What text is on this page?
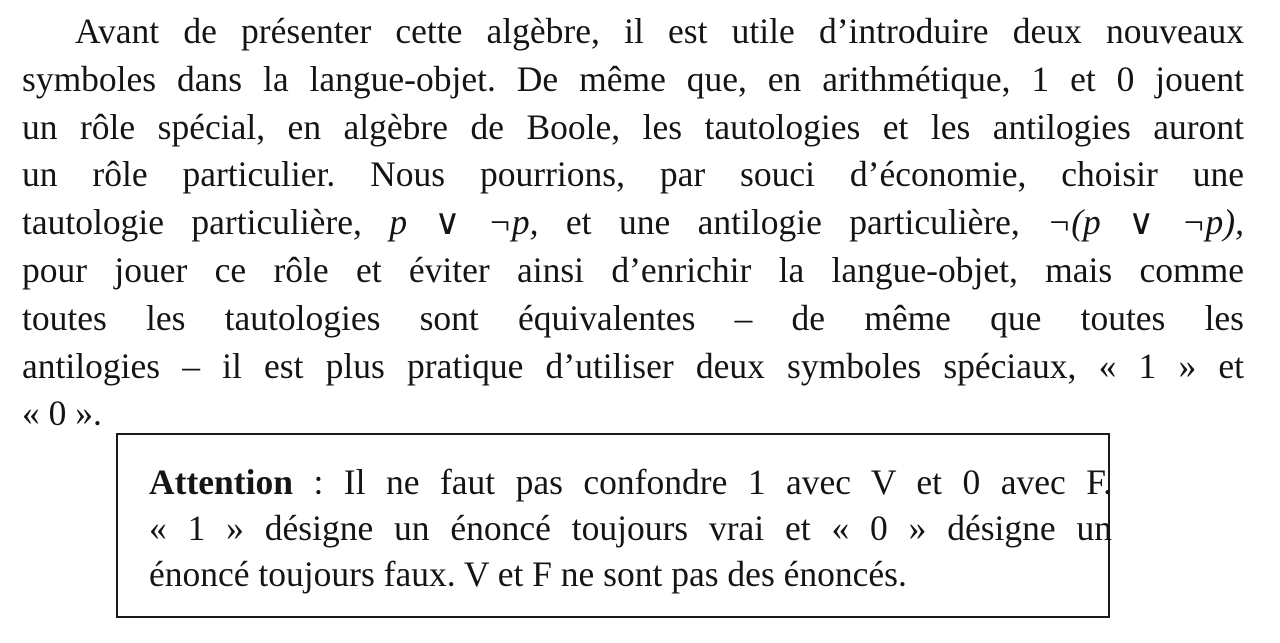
Avant de présenter cette algèbre, il est utile d’introduire deux nouveaux
symboles dans la langue-objet. De même que, en arithmétique, 1 et 0 jouent
un rôle spécial, en algèbre de Boole, les tautologies et les antilogies auront
un rôle particulier. Nous pourrions, par souci d’économie, choisir une
tautologie particulière, p ∨ ¬p, et une antilogie particulière, ¬(p ∨ ¬p),
pour jouer ce rôle et éviter ainsi d’enrichir la langue-objet, mais comme
toutes les tautologies sont équivalentes – de même que toutes les
antilogies – il est plus pratique d’utiliser deux symboles spéciaux, « 1 » et
« 0 ».
Attention : Il ne faut pas confondre 1 avec V et 0 avec F.
« 1 » désigne un énoncé toujours vrai et « 0 » désigne un
énoncé toujours faux. V et F ne sont pas des énoncés.
